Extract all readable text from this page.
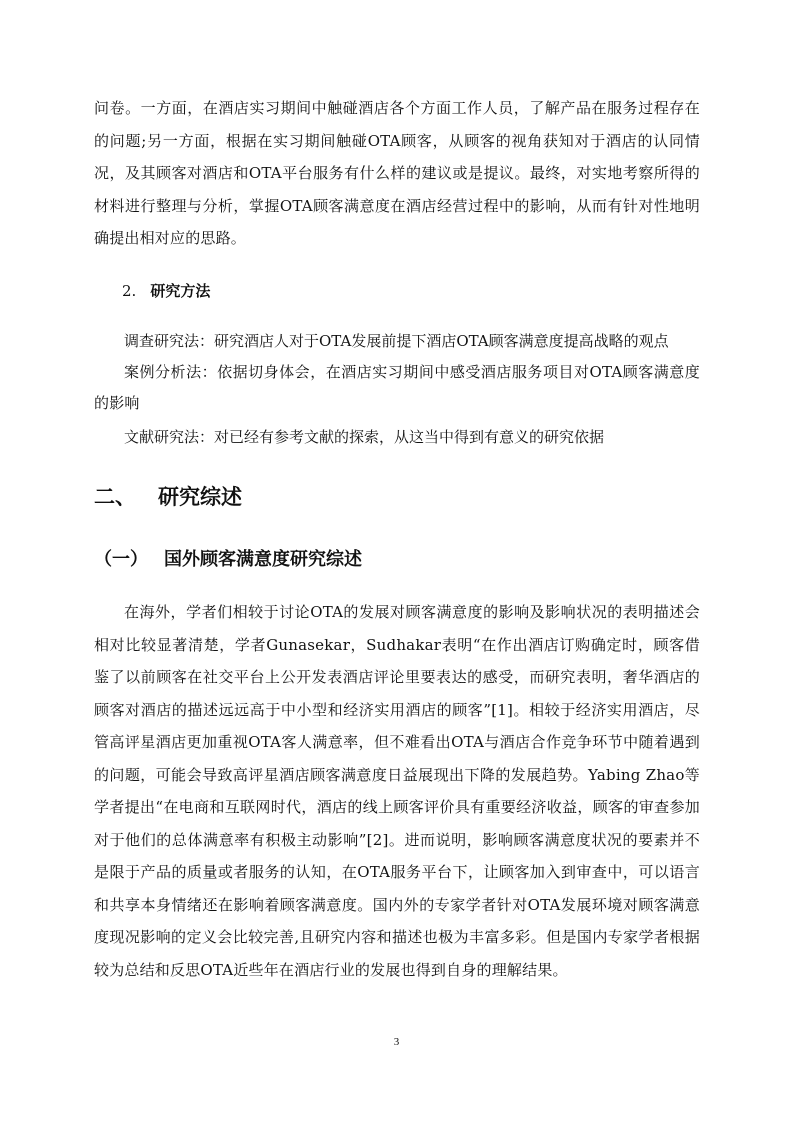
问卷。一方面，在酒店实习期间中触碰酒店各个方面工作人员，了解产品在服务过程存在的问题;另一方面，根据在实习期间触碰OTA顾客，从顾客的视角获知对于酒店的认同情况，及其顾客对酒店和OTA平台服务有什么样的建议或是提议。最终，对实地考察所得的材料进行整理与分析，掌握OTA顾客满意度在酒店经营过程中的影响，从而有针对性地明确提出相对应的思路。

2. 研究方法

调查研究法：研究酒店人对于OTA发展前提下酒店OTA顾客满意度提高战略的观点

案例分析法：依据切身体会，在酒店实习期间中感受酒店服务项目对OTA顾客满意度的影响

文献研究法：对已经有参考文献的探索，从这当中得到有意义的研究依据

二、 研究综述
（一） 国外顾客满意度研究综述

在海外，学者们相较于讨论OTA的发展对顾客满意度的影响及影响状况的表明描述会相对比较显著清楚，学者Gunasekar，Sudhakar表明“在作出酒店订购确定时，顾客借鉴了以前顾客在社交平台上公开发表酒店评论里要表达的感受，而研究表明，奢华酒店的顾客对酒店的描述远远高于中小型和经济实用酒店的顾客”[1]。相较于经济实用酒店，尽管高评星酒店更加重视OTA客人满意率，但不难看出OTA与酒店合作竞争环节中随着遇到的问题，可能会导致高评星酒店顾客满意度日益展现出下降的发展趋势。Yabing Zhao等学者提出“在电商和互联网时代，酒店的线上顾客评价具有重要经济收益，顾客的审查参加对于他们的总体满意率有积极主动影响”[2]。进而说明，影响顾客满意度状况的要素并不是限于产品的质量或者服务的认知，在OTA服务平台下，让顾客加入到审查中，可以语言和共享本身情绪还在影响着顾客满意度。国内外的专家学者针对OTA发展环境对顾客满意度现况影响的定义会比较完善,且研究内容和描述也极为丰富多彩。但是国内专家学者根据较为总结和反思OTA近些年在酒店行业的发展也得到自身的理解结果。

3
